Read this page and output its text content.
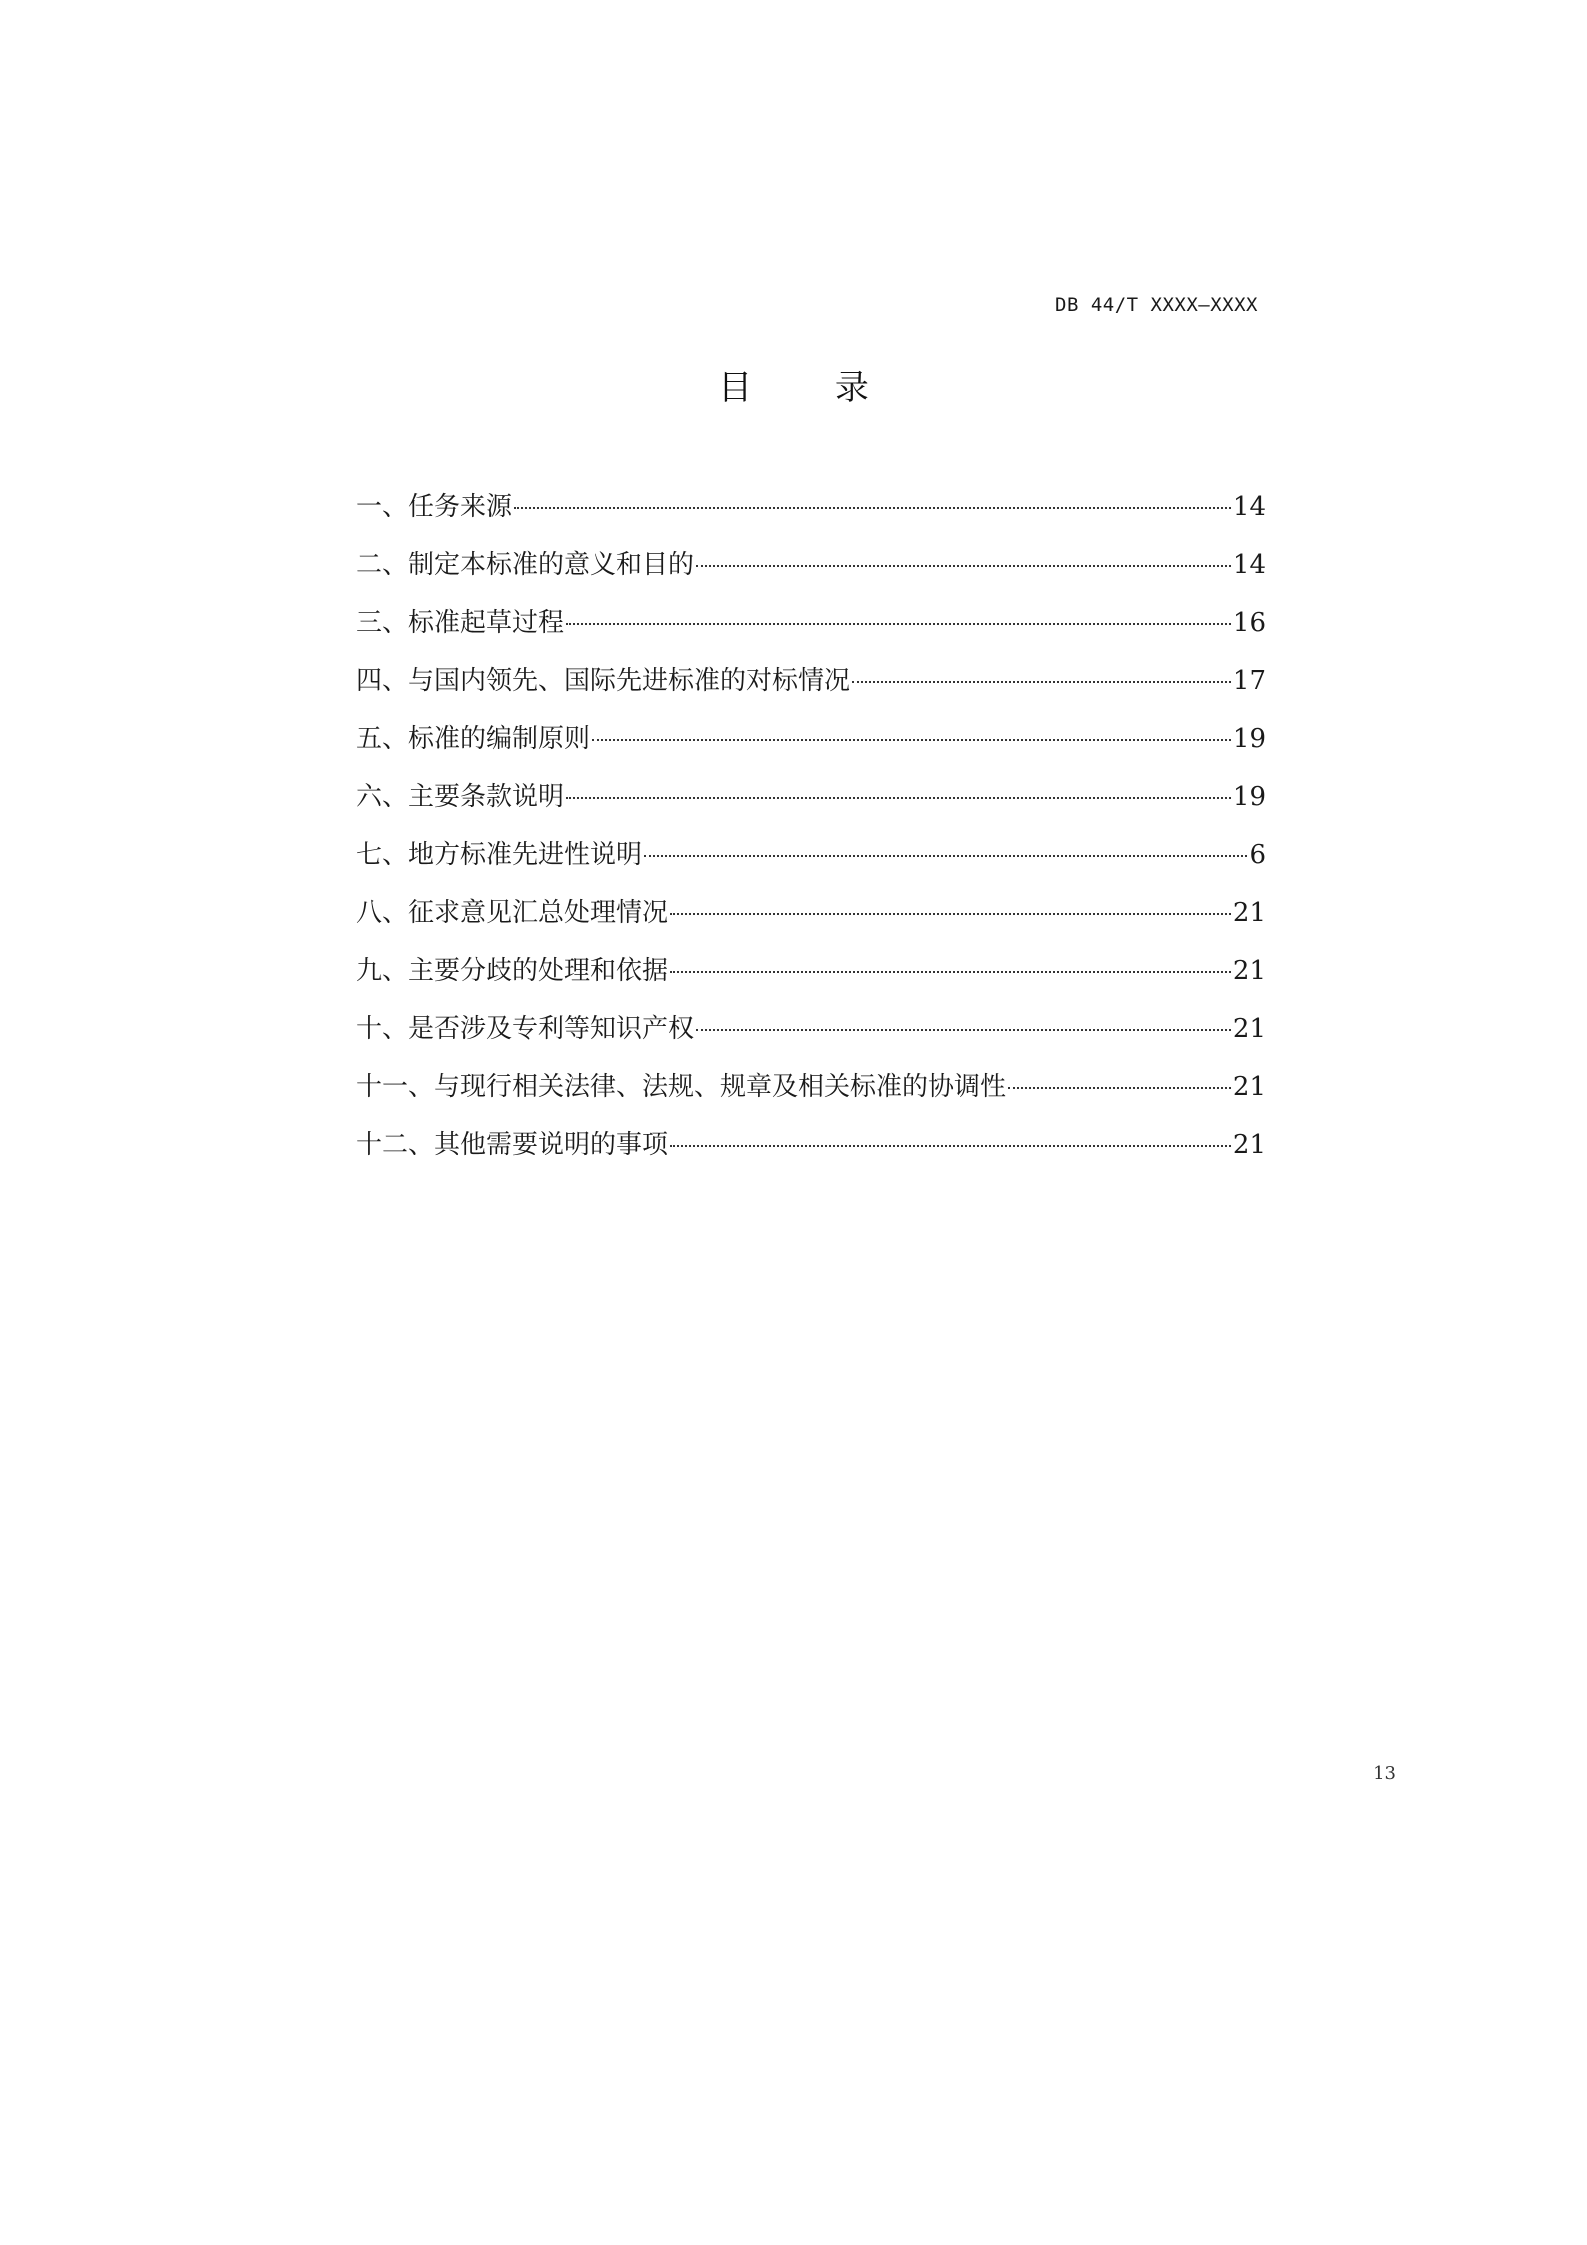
DB 44/T XXXX—XXXX
目 录
一、任务来源	14
二、制定本标准的意义和目的	14
三、标准起草过程	16
四、与国内领先、国际先进标准的对标情况	17
五、标准的编制原则	19
六、主要条款说明	19
七、地方标准先进性说明	6
八、征求意见汇总处理情况	21
九、主要分歧的处理和依据	21
十、是否涉及专利等知识产权	21
十一、与现行相关法律、法规、规章及相关标准的协调性	21
十二、其他需要说明的事项	21
13
